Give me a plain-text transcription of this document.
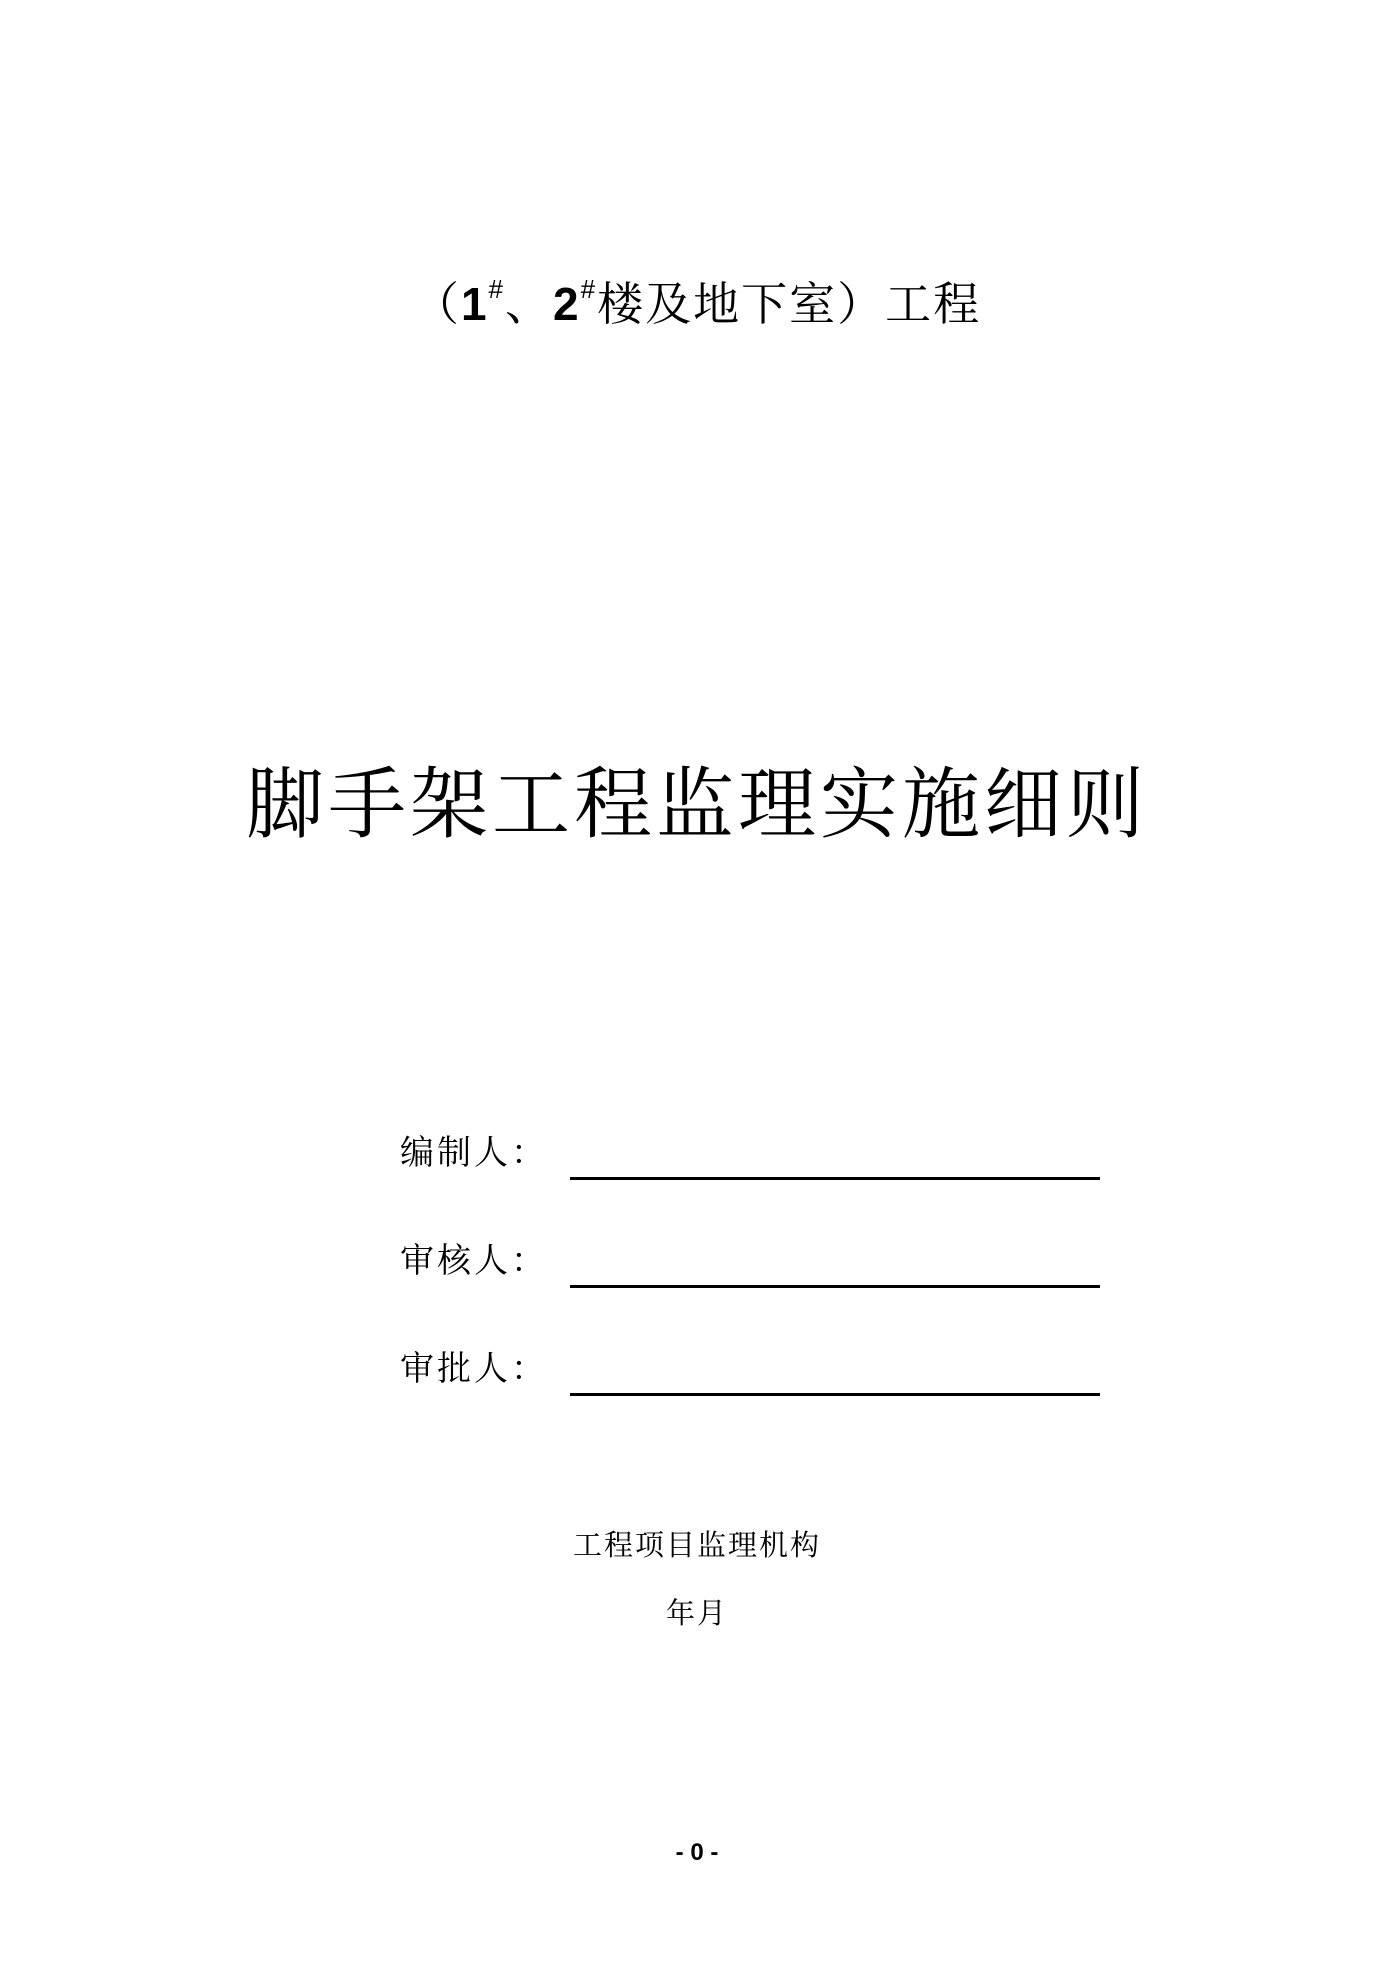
（1#、2#楼及地下室）工程
脚手架工程监理实施细则
编制人：
审核人：
审批人：
工程项目监理机构
年月
- 0 -
